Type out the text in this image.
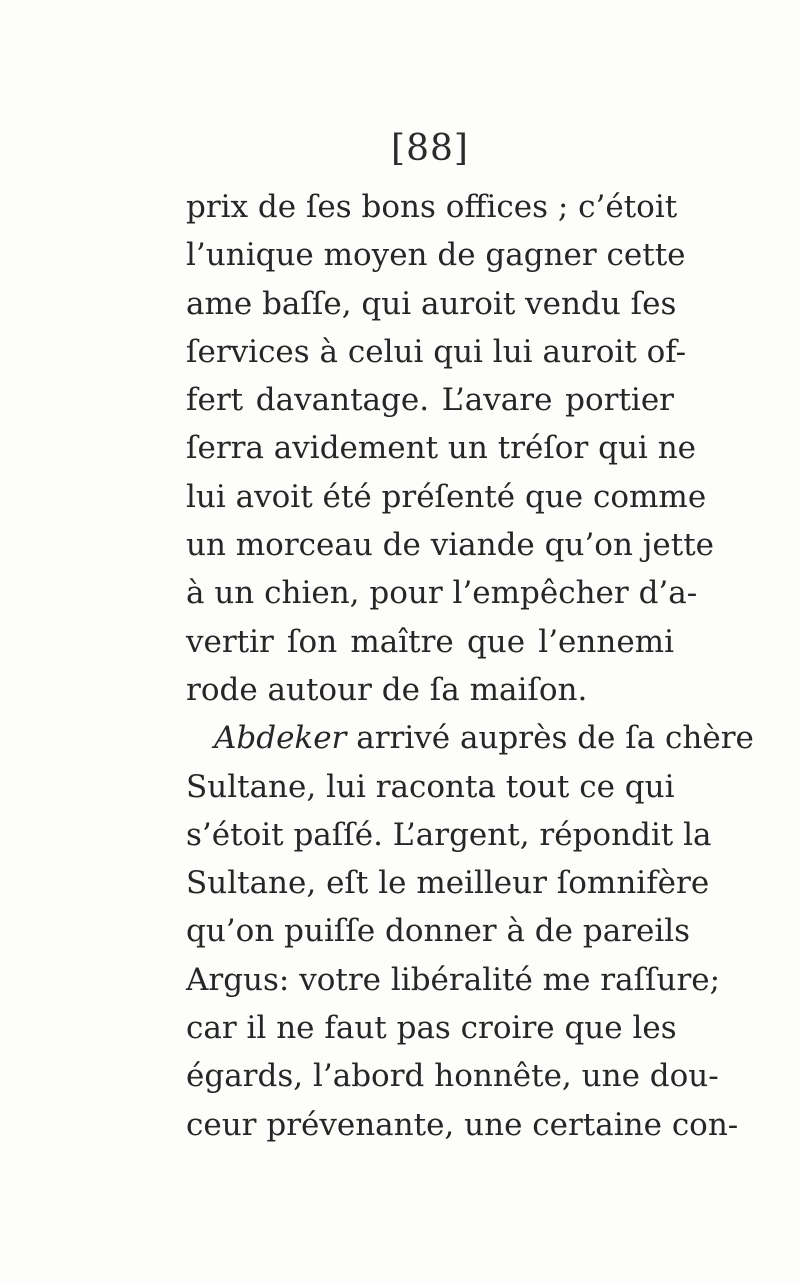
[88]
prix de ſes bons offices ; c’étoit
l’unique moyen de gagner cette
ame baſſe, qui auroit vendu ſes
ſervices à celui qui lui auroit of-
fert davantage. L’avare portier
ſerra avidement un tréſor qui ne
lui avoit été préſenté que comme
un morceau de viande qu’on jette
à un chien, pour l’empêcher d’a-
vertir ſon maître que l’ennemi
rode autour de ſa maiſon.
Abdeker arrivé auprès de ſa chère
Sultane, lui raconta tout ce qui
s’étoit paſſé. L’argent, répondit la
Sultane, eſt le meilleur ſomnifère
qu’on puiſſe donner à de pareils
Argus: votre libéralité me raſſure;
car il ne faut pas croire que les
égards, l’abord honnête, une dou-
ceur prévenante, une certaine con-
